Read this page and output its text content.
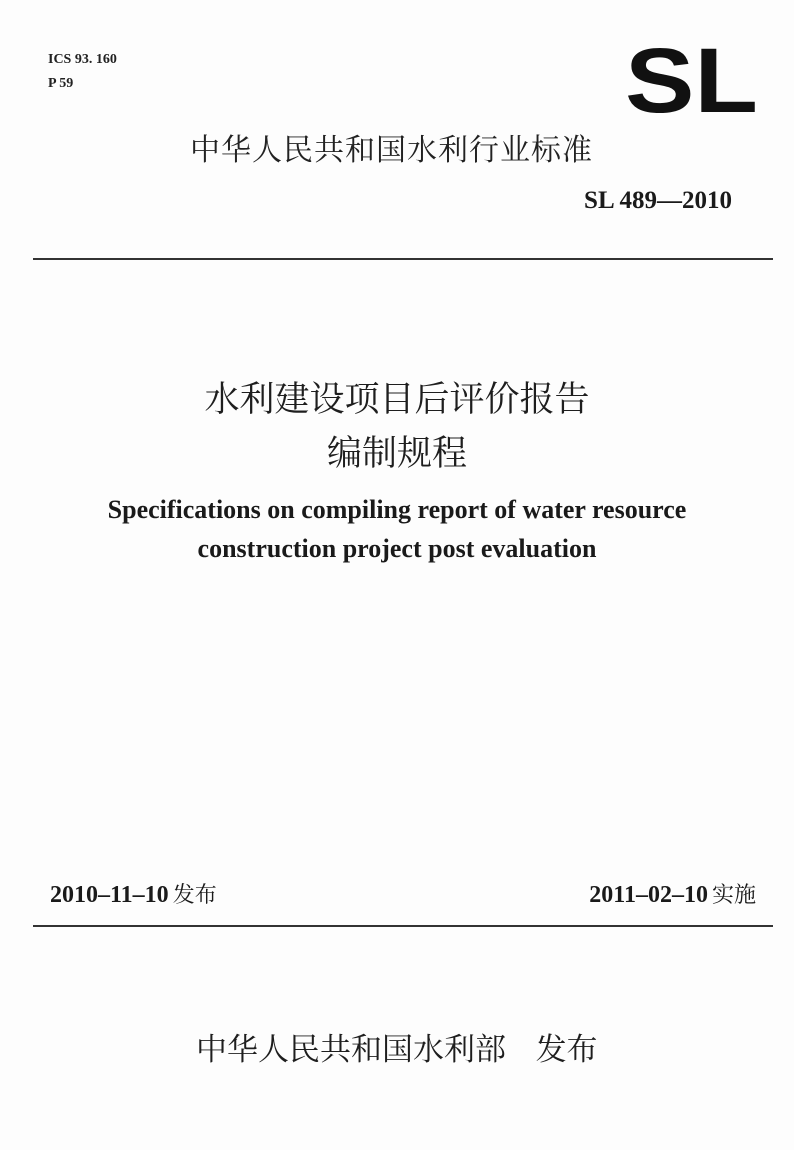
ICS 93. 160
P 59	SL
中华人民共和国水利行业标准
SL 489—2010
水利建设项目后评价报告
编制规程
Specifications on compiling report of water resource
construction project post evaluation
2010–11–10 发布	2011–02–10 实施
中华人民共和国水利部 发布
